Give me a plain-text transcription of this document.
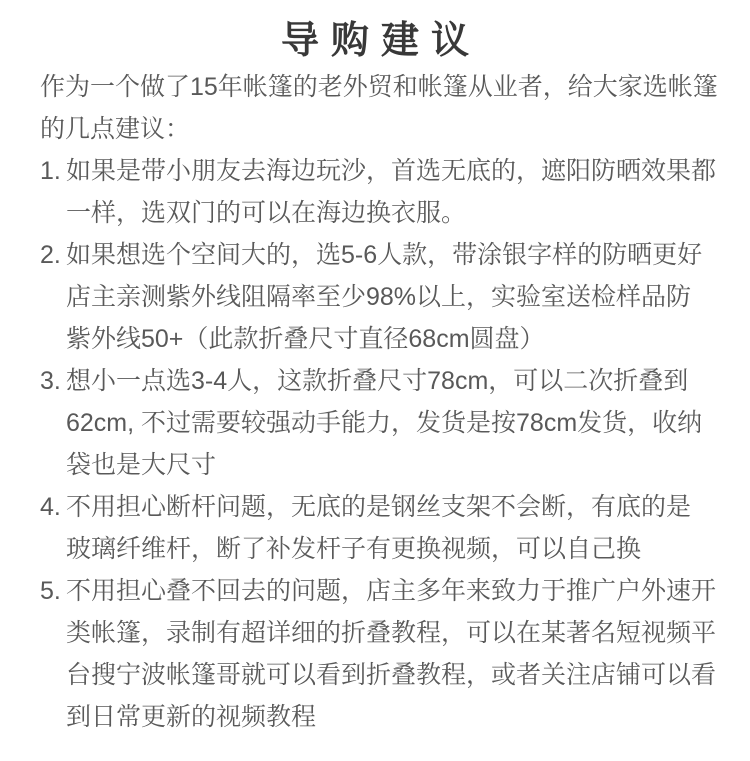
导购建议

作为一个做了15年帐篷的老外贸和帐篷从业者，给大家选帐篷
的几点建议：

1. 如果是带小朋友去海边玩沙，首选无底的，遮阳防晒效果都
一样，选双门的可以在海边换衣服。
2. 如果想选个空间大的，选5-6人款，带涂银字样的防晒更好
店主亲测紫外线阻隔率至少98%以上，实验室送检样品防
紫外线50+（此款折叠尺寸直径68cm圆盘）
3. 想小一点选3-4人，这款折叠尺寸78cm，可以二次折叠到
62cm, 不过需要较强动手能力，发货是按78cm发货，收纳
袋也是大尺寸
4. 不用担心断杆问题，无底的是钢丝支架不会断，有底的是
玻璃纤维杆，断了补发杆子有更换视频，可以自己换
5. 不用担心叠不回去的问题，店主多年来致力于推广户外速开
类帐篷，录制有超详细的折叠教程，可以在某著名短视频平
台搜宁波帐篷哥就可以看到折叠教程，或者关注店铺可以看
到日常更新的视频教程
